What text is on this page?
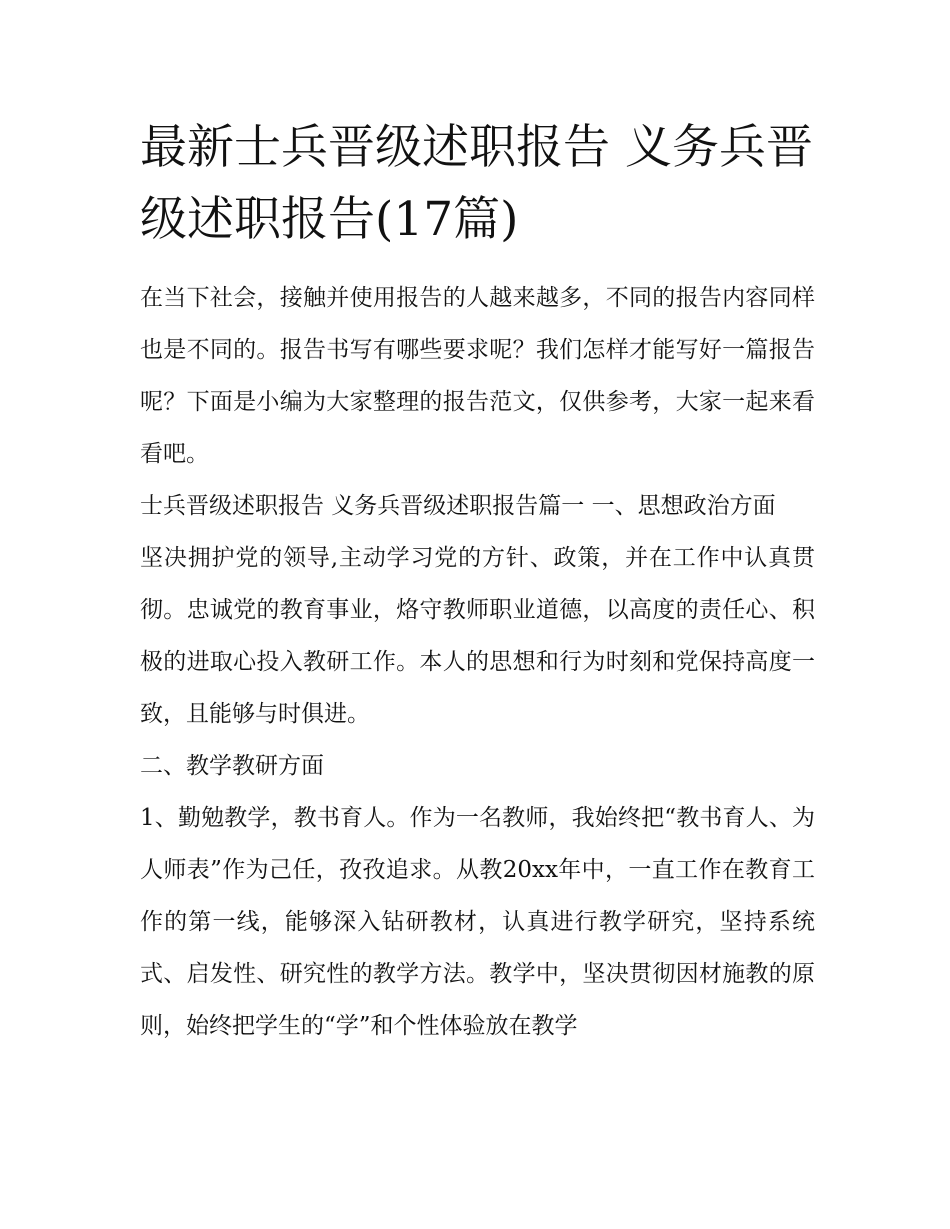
最新士兵晋级述职报告 义务兵晋级述职报告(17篇)

在当下社会，接触并使用报告的人越来越多，不同的报告内容同样也是不同的。报告书写有哪些要求呢？我们怎样才能写好一篇报告呢？下面是小编为大家整理的报告范文，仅供参考，大家一起来看看吧。

士兵晋级述职报告 义务兵晋级述职报告篇一 一、思想政治方面

坚决拥护党的领导,主动学习党的方针、政策，并在工作中认真贯彻。忠诚党的教育事业，烙守教师职业道德，以高度的责任心、积极的进取心投入教研工作。本人的思想和行为时刻和党保持高度一致，且能够与时俱进。

二、教学教研方面

1、勤勉教学，教书育人。作为一名教师，我始终把“教书育人、为人师表”作为己任，孜孜追求。从教20xx年中，一直工作在教育工作的第一线，能够深入钻研教材，认真进行教学研究，坚持系统式、启发性、研究性的教学方法。教学中，坚决贯彻因材施教的原则，始终把学生的“学”和个性体验放在教学
